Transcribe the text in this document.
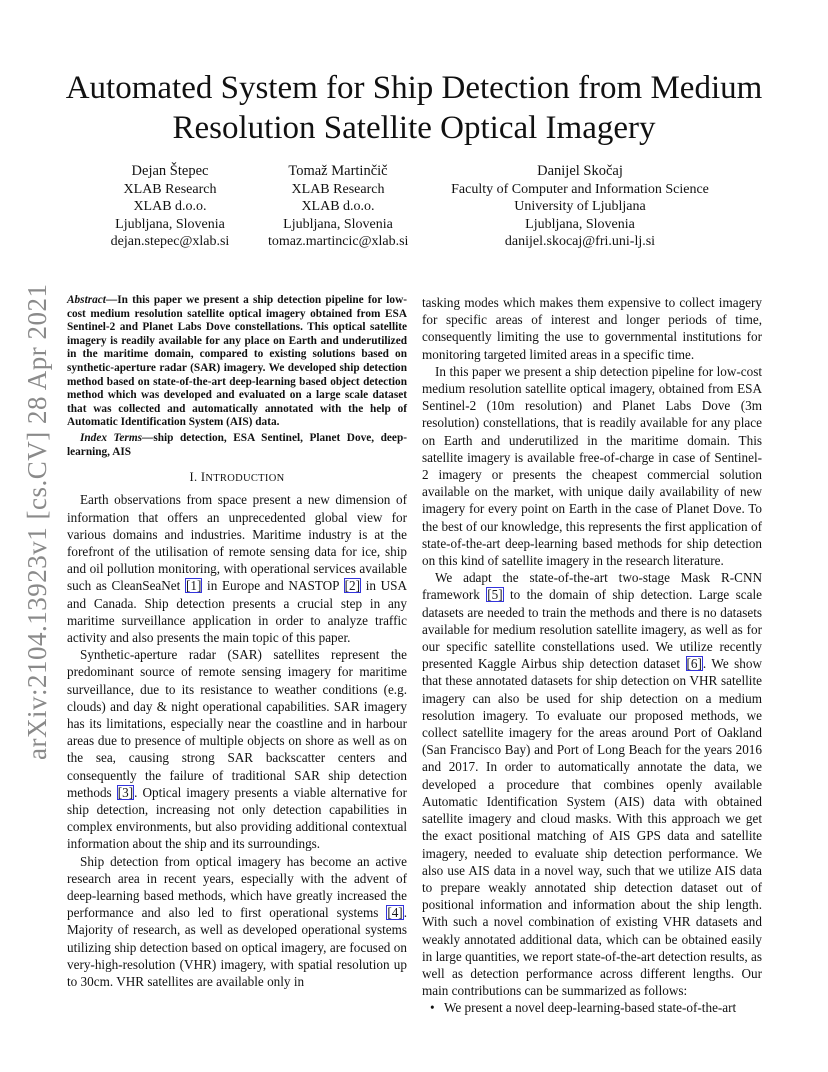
Automated System for Ship Detection from Medium Resolution Satellite Optical Imagery
Dejan Štepec
XLAB Research
XLAB d.o.o.
Ljubljana, Slovenia
dejan.stepec@xlab.si
Tomaž Martinčič
XLAB Research
XLAB d.o.o.
Ljubljana, Slovenia
tomaz.martincic@xlab.si
Danijel Skočaj
Faculty of Computer and Information Science
University of Ljubljana
Ljubljana, Slovenia
danijel.skocaj@fri.uni-lj.si
arXiv:2104.13923v1 [cs.CV] 28 Apr 2021 Abstract—In this paper we present a ship detection pipeline for low-cost medium resolution satellite optical imagery obtained from ESA Sentinel-2 and Planet Labs Dove constellations. This optical satellite imagery is readily available for any place on Earth and underutilized in the maritime domain, compared to existing solutions based on synthetic-aperture radar (SAR) imagery. We developed ship detection method based on state-of-the-art deep-learning based object detection method which was developed and evaluated on a large scale dataset that was collected and automatically annotated with the help of Automatic Identification System (AIS) data.

Index Terms—ship detection, ESA Sentinel, Planet Dove, deep-learning, AIS

I. INTRODUCTION

Earth observations from space present a new dimension of information that offers an unprecedented global view for various domains and industries. Maritime industry is at the forefront of the utilisation of remote sensing data for ice, ship and oil pollution monitoring, with operational services available such as CleanSeaNet [1] in Europe and NASTOP [2] in USA and Canada. Ship detection presents a crucial step in any maritime surveillance application in order to analyze traffic activity and also presents the main topic of this paper.

Synthetic-aperture radar (SAR) satellites represent the predominant source of remote sensing imagery for maritime surveillance, due to its resistance to weather conditions (e.g. clouds) and day & night operational capabilities. SAR imagery has its limitations, especially near the coastline and in harbour areas due to presence of multiple objects on shore as well as on the sea, causing strong SAR backscatter centers and consequently the failure of traditional SAR ship detection methods [3]. Optical imagery presents a viable alternative for ship detection, increasing not only detection capabilities in complex environments, but also providing additional contextual information about the ship and its surroundings.

Ship detection from optical imagery has become an active research area in recent years, especially with the advent of deep-learning based methods, which have greatly increased the performance and also led to first operational systems [4]. Majority of research, as well as developed operational systems utilizing ship detection based on optical imagery, are focused on very-high-resolution (VHR) imagery, with spatial resolution up to 30cm. VHR satellites are available only in

tasking modes which makes them expensive to collect imagery for specific areas of interest and longer periods of time, consequently limiting the use to governmental institutions for monitoring targeted limited areas in a specific time.

In this paper we present a ship detection pipeline for low-cost medium resolution satellite optical imagery, obtained from ESA Sentinel-2 (10m resolution) and Planet Labs Dove (3m resolution) constellations, that is readily available for any place on Earth and underutilized in the maritime domain. This satellite imagery is available free-of-charge in case of Sentinel-2 imagery or presents the cheapest commercial solution available on the market, with unique daily availability of new imagery for every point on Earth in the case of Planet Dove. To the best of our knowledge, this represents the first application of state-of-the-art deep-learning based methods for ship detection on this kind of satellite imagery in the research literature.

We adapt the state-of-the-art two-stage Mask R-CNN framework [5] to the domain of ship detection. Large scale datasets are needed to train the methods and there is no datasets available for medium resolution satellite imagery, as well as for our specific satellite constellations used. We utilize recently presented Kaggle Airbus ship detection dataset [6]. We show that these annotated datasets for ship detection on VHR satellite imagery can also be used for ship detection on a medium resolution imagery. To evaluate our proposed methods, we collect satellite imagery for the areas around Port of Oakland (San Francisco Bay) and Port of Long Beach for the years 2016 and 2017. In order to automatically annotate the data, we developed a procedure that combines openly available Automatic Identification System (AIS) data with obtained satellite imagery and cloud masks. With this approach we get the exact positional matching of AIS GPS data and satellite imagery, needed to evaluate ship detection performance. We also use AIS data in a novel way, such that we utilize AIS data to prepare weakly annotated ship detection dataset out of positional information and information about the ship length. With such a novel combination of existing VHR datasets and weakly annotated additional data, which can be obtained easily in large quantities, we report state-of-the-art detection results, as well as detection performance across different lengths. Our main contributions can be summarized as follows:

• We present a novel deep-learning-based state-of-the-art
